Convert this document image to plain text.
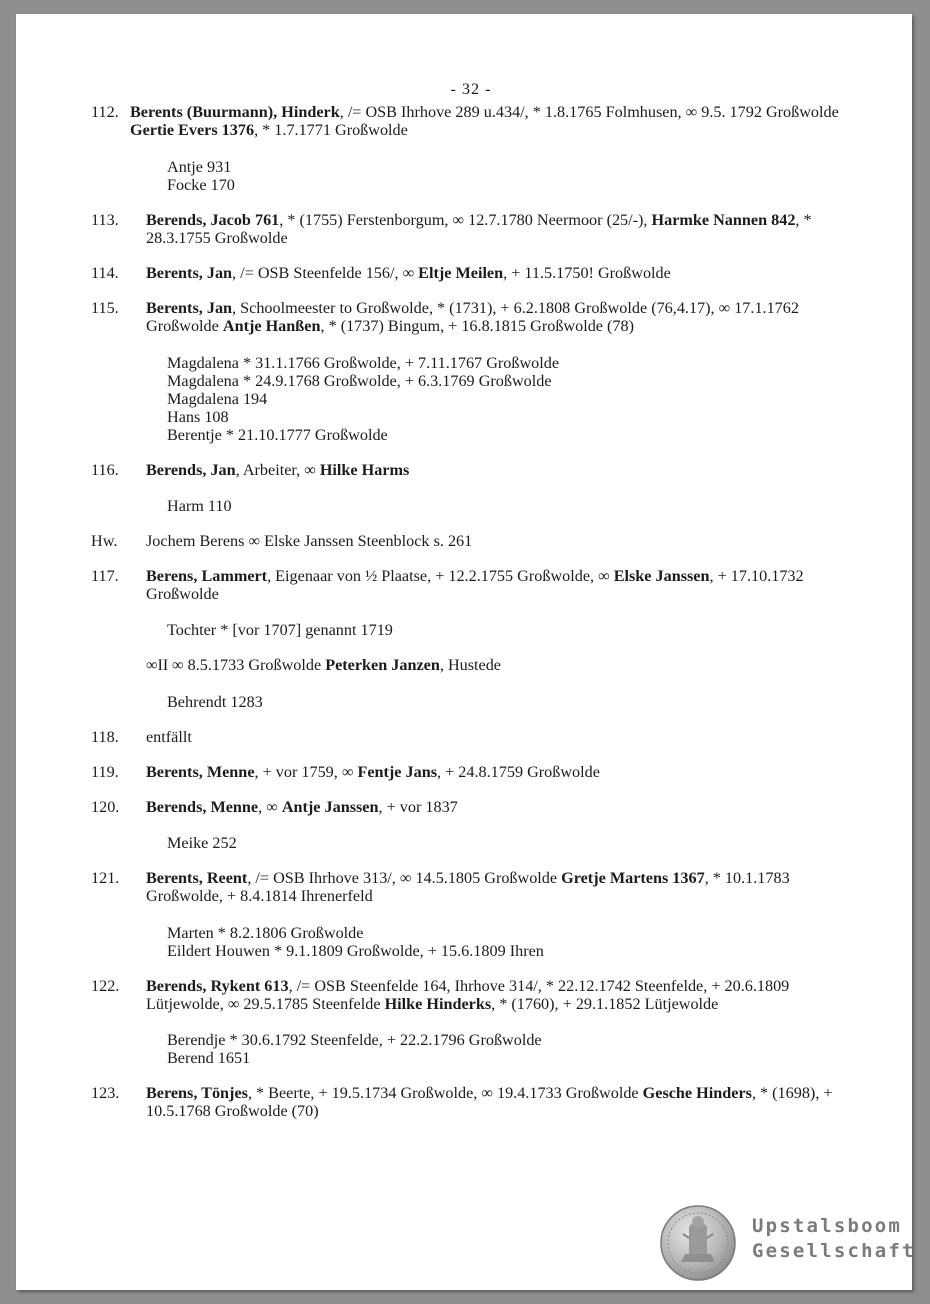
- 32 -
112. Berents (Buurmann), Hinderk, /= OSB Ihrhove 289 u.434/, * 1.8.1765 Folmhusen, ∞ 9.5. 1792 Großwolde Gertie Evers 1376, * 1.7.1771 Großwolde
Antje 931
Focke 170
113.	Berends, Jacob 761, * (1755) Ferstenborgum, ∞ 12.7.1780 Neermoor (25/-), Harmke Nannen 842, * 28.3.1755 Großwolde
114.	Berents, Jan, /= OSB Steenfelde 156/, ∞ Eltje Meilen, + 11.5.1750! Großwolde
115.	Berents, Jan, Schoolmeester to Großwolde, * (1731), + 6.2.1808 Großwolde (76,4.17), ∞ 17.1.1762 Großwolde Antje Hanßen, * (1737) Bingum, + 16.8.1815 Großwolde (78)
Magdalena * 31.1.1766 Großwolde, + 7.11.1767 Großwolde
Magdalena * 24.9.1768 Großwolde, + 6.3.1769 Großwolde
Magdalena 194
Hans 108
Berentje * 21.10.1777 Großwolde
116.	Berends, Jan, Arbeiter, ∞ Hilke Harms
Harm 110
Hw.	Jochem Berens ∞ Elske Janssen Steenblock s. 261
117.	Berens, Lammert, Eigenaar von ½ Plaatse, + 12.2.1755 Großwolde, ∞ Elske Janssen, + 17.10.1732 Großwolde
Tochter * [vor 1707] genannt 1719
∞II ∞ 8.5.1733 Großwolde Peterken Janzen, Hustede
Behrendt 1283
118.	entfällt
119.	Berents, Menne, + vor 1759, ∞ Fentje Jans, + 24.8.1759 Großwolde
120.	Berends, Menne, ∞ Antje Janssen, + vor 1837
Meike 252
121.	Berents, Reent, /= OSB Ihrhove 313/, ∞ 14.5.1805 Großwolde Gretje Martens 1367, * 10.1.1783 Großwolde, + 8.4.1814 Ihrenerfeld
Marten * 8.2.1806 Großwolde
Eildert Houwen * 9.1.1809 Großwolde, + 15.6.1809 Ihren
122.	Berends, Rykent 613, /= OSB Steenfelde 164, Ihrhove 314/, * 22.12.1742 Steenfelde, + 20.6.1809 Lütjewolde, ∞ 29.5.1785 Steenfelde Hilke Hinderks, * (1760), + 29.1.1852 Lütjewolde
Berendje * 30.6.1792 Steenfelde, + 22.2.1796 Großwolde
Berend 1651
123.	Berens, Tönjes, * Beerte, + 19.5.1734 Großwolde, ∞ 19.4.1733 Großwolde Gesche Hinders, * (1698), + 10.5.1768 Großwolde (70)
Upstalsboom
Gesellschaft
